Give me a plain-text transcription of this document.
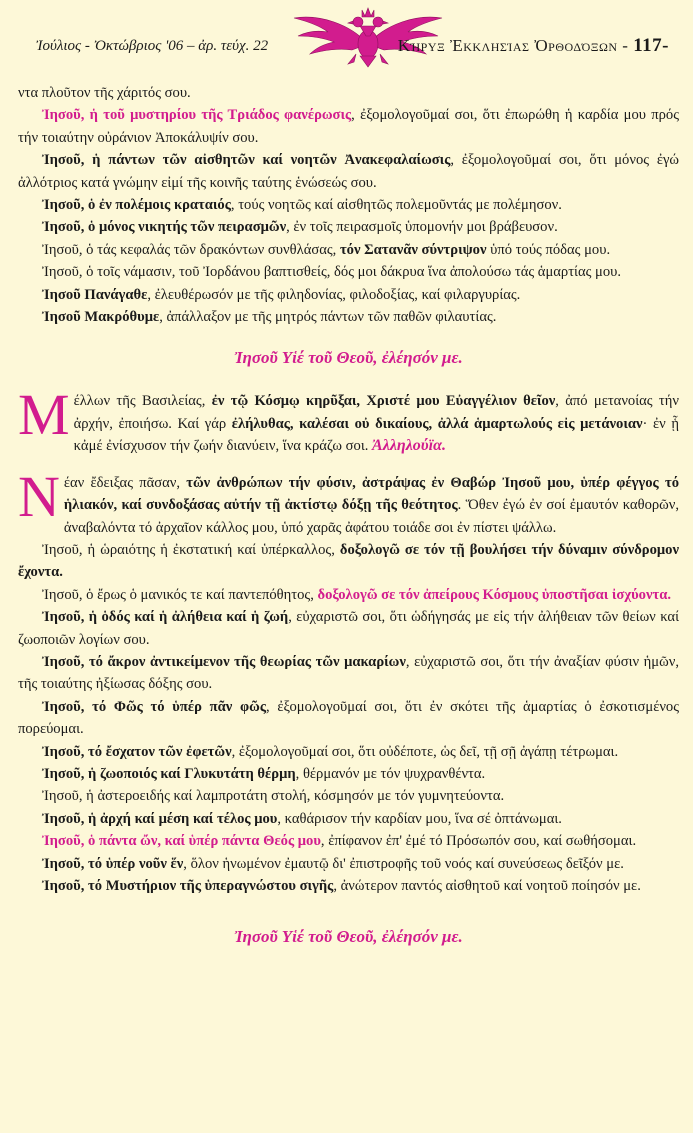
Ἰούλιος - Ὀκτώβριος '06 – ἀρ. τεύχ. 22	Κήρυξ Ἐκκλησίας Ὀρθοδόξων - 117-

ντα πλοῦτον τῆς χάριτός σου.

Ἰησοῦ, ἡ τοῦ μυστηρίου τῆς Τριάδος φανέρωσις, ἐξομολογοῦμαί σοι, ὅτι ἐπωρώθη ἡ καρδία μου πρός τήν τοιαύτην οὐράνιον Ἀποκάλυψίν σου.

Ἰησοῦ, ἡ πάντων τῶν αἰσθητῶν καί νοητῶν Ἀνακεφαλαίωσις, ἐξομολογοῦμαί σοι, ὅτι μόνος ἐγώ ἀλλότριος κατά γνώμην εἰμί τῆς κοινῆς ταύτης ἑνώσεώς σου.

Ἰησοῦ, ὁ ἐν πολέμοις κραταιός, τούς νοητῶς καί αἰσθητῶς πολεμοῦντάς με πολέμησον.

Ἰησοῦ, ὁ μόνος νικητής τῶν πειρασμῶν, ἐν τοῖς πειρασμοῖς ὑπομονήν μοι βράβευσον.

Ἰησοῦ, ὁ τάς κεφαλάς τῶν δρακόντων συνθλάσας, τόν Σατανᾶν σύντριψον ὑπό τούς πόδας μου.

Ἰησοῦ, ὁ τοῖς νάμασιν, τοῦ Ἰορδάνου βαπτισθείς, δός μοι δάκρυα ἵνα ἀπολούσω τάς ἁμαρτίας μου.

Ἰησοῦ Πανάγαθε, ἐλευθέρωσόν με τῆς φιληδονίας, φιλοδοξίας, καί φιλαργυρίας.

Ἰησοῦ Μακρόθυμε, ἀπάλλαξον με τῆς μητρός πάντων τῶν παθῶν φιλαυτίας.

Ἰησοῦ Υἱέ τοῦ Θεοῦ, ἐλέησόν με.

Μέλλων τῆς Βασιλείας, ἐν τῷ Κόσμῳ κηρῦξαι, Χριστέ μου Εὐαγγέλιον θεῖον, ἀπό μετανοίας τήν ἀρχήν, ἐποιήσω. Καί γάρ ἐλήλυθας, καλέσαι οὐ δικαίους, ἀλλά ἁμαρτωλούς εἰς μετάνοιαν· ἐν ᾗ κἀμέ ἐνίσχυσον τήν ζωήν διανύειν, ἵνα κράζω σοι. Ἀλληλούϊα.

Νέαν ἔδειξας πᾶσαν, τῶν ἀνθρώπων τήν φύσιν, ἀστράψας ἐν Θαβώρ Ἰησοῦ μου, ὑπέρ φέγγος τό ἡλιακόν, καί συνδοξάσας αὐτήν τῇ ἀκτίστῳ δόξῃ τῆς θεότητος. Ὅθεν ἐγώ ἐν σοί ἐμαυτόν καθορῶν, ἀναβαλόντα τό ἀρχαῖον κάλλος μου, ὑπό χαρᾶς ἀφάτου τοιάδε σοι ἐν πίστει ψάλλω.

Ἰησοῦ, ἡ ὡραιότης ἡ ἐκστατική καί ὑπέρκαλλος, δοξολογῶ σε τόν τῇ βουλήσει τήν δύναμιν σύνδρομον ἔχοντα.

Ἰησοῦ, ὁ ἔρως ὁ μανικός τε καί παντεπόθητος, δοξολογῶ σε τόν ἀπείρους Κόσμους ὑποστῆσαι ἰσχύοντα.

Ἰησοῦ, ἡ ὁδός καί ἡ ἀλήθεια καί ἡ ζωή, εὐχαριστῶ σοι, ὅτι ὡδήγησάς με εἰς τήν ἀλήθειαν τῶν θείων καί ζωοποιῶν λογίων σου.

Ἰησοῦ, τό ἄκρον ἀντικείμενον τῆς θεωρίας τῶν μακαρίων, εὐχαριστῶ σοι, ὅτι τήν ἀναξίαν φύσιν ἡμῶν, τῆς τοιαύτης ἠξίωσας δόξης σου.

Ἰησοῦ, τό Φῶς τό ὑπέρ πᾶν φῶς, ἐξομολογοῦμαί σοι, ὅτι ἐν σκότει τῆς ἁμαρτίας ὁ ἐσκοτισμένος πορεύομαι.

Ἰησοῦ, τό ἔσχατον τῶν ἐφετῶν, ἐξομολογοῦμαί σοι, ὅτι οὐδέποτε, ὡς δεῖ, τῇ σῇ ἀγάπῃ τέτρωμαι.

Ἰησοῦ, ἡ ζωοποιός καί Γλυκυτάτη θέρμη, θέρμανόν με τόν ψυχρανθέντα.

Ἰησοῦ, ἡ ἀστεροειδής καί λαμπροτάτη στολή, κόσμησόν με τόν γυμνητεύοντα.

Ἰησοῦ, ἡ ἀρχή καί μέση καί τέλος μου, καθάρισον τήν καρδίαν μου, ἵνα σέ ὀπτάνωμαι.

Ἰησοῦ, ὁ πάντα ὤν, καί ὑπέρ πάντα Θεός μου, ἐπίφανον ἐπ' ἐμέ τό Πρόσωπόν σου, καί σωθήσομαι.

Ἰησοῦ, τό ὑπέρ νοῦν ἕν, ὅλον ἡνωμένον ἐμαυτῷ δι' ἐπιστροφῆς τοῦ νοός καί συνεύσεως δεῖξόν με.

Ἰησοῦ, τό Μυστήριον τῆς ὑπεραγνώστου σιγῆς, ἀνώτερον παντός αἰσθητοῦ καί νοητοῦ ποίησόν με.

Ἰησοῦ Υἱέ τοῦ Θεοῦ, ἐλέησόν με.
